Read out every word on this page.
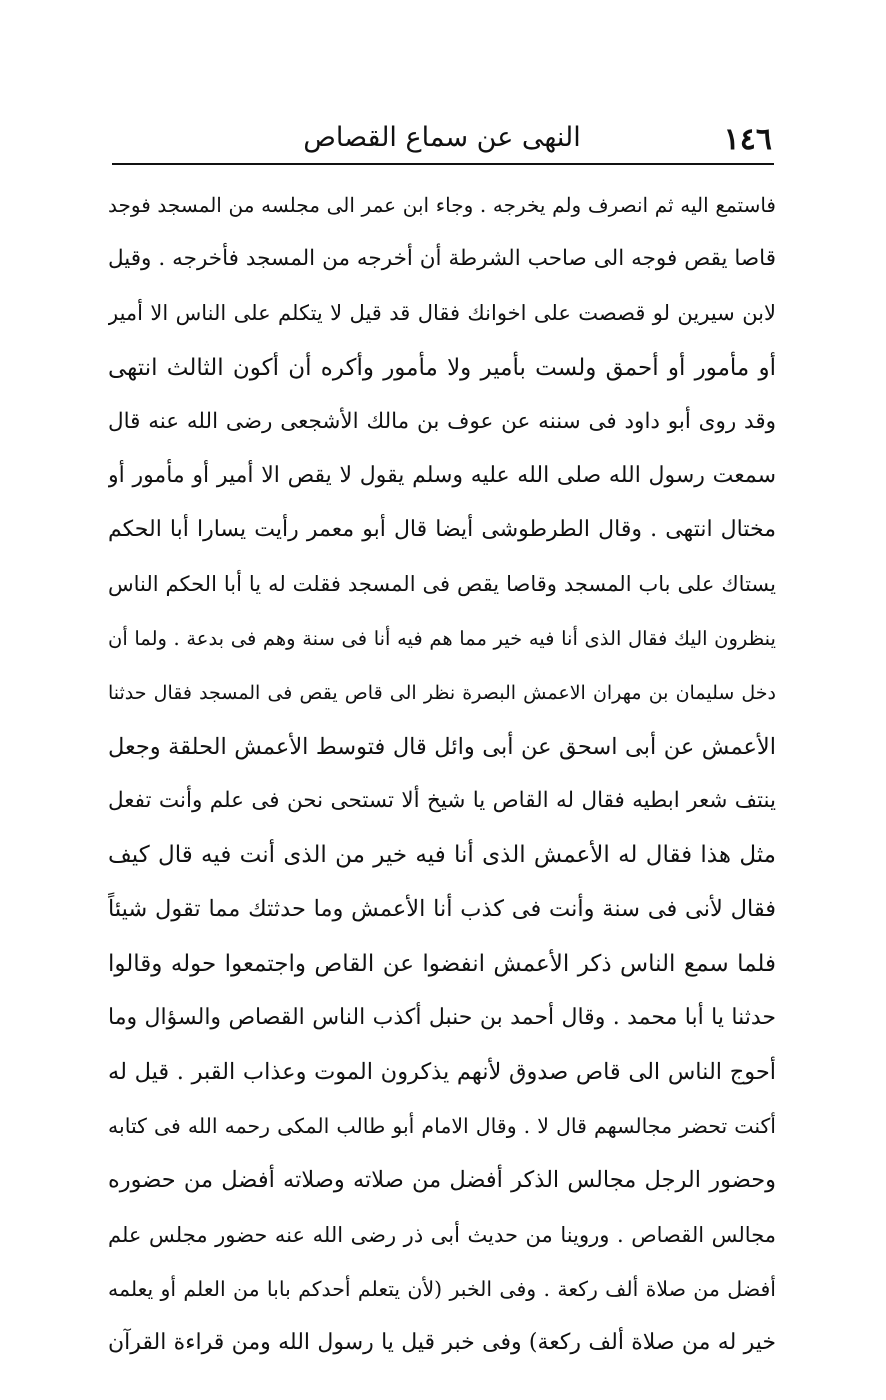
١٤٦
النهى عن سماع القصاص
فاستمع اليه ثم انصرف ولم يخرجه . وجاء ابن عمر الى مجلسه من المسجد فوجد
قاصا يقص فوجه الى صاحب الشرطة أن أخرجه من المسجد فأخرجه . وقيل
لابن سيرين لو قصصت على اخوانك فقال قد قيل لا يتكلم على الناس الا أمير
أو مأمور أو أحمق ولست بأمير ولا مأمور وأكره أن أكون الثالث انتهى
وقد روى أبو داود فى سننه عن عوف بن مالك الأشجعى رضى الله عنه قال
سمعت رسول الله صلى الله عليه وسلم يقول لا يقص الا أمير أو مأمور أو
مختال انتهى . وقال الطرطوشى أيضا قال أبو معمر رأيت يسارا أبا الحكم
يستاك على باب المسجد وقاصا يقص فى المسجد فقلت له يا أبا الحكم الناس
ينظرون اليك فقال الذى أنا فيه خير مما هم فيه أنا فى سنة وهم فى بدعة . ولما أن
دخل سليمان بن مهران الاعمش البصرة نظر الى قاص يقص فى المسجد فقال حدثنا
الأعمش عن أبى اسحق عن أبى وائل قال فتوسط الأعمش الحلقة وجعل
ينتف شعر ابطيه فقال له القاص يا شيخ ألا تستحى نحن فى علم وأنت تفعل
مثل هذا فقال له الأعمش الذى أنا فيه خير من الذى أنت فيه قال كيف
فقال لأنى فى سنة وأنت فى كذب أنا الأعمش وما حدثتك مما تقول شيئاً
فلما سمع الناس ذكر الأعمش انفضوا عن القاص واجتمعوا حوله وقالوا
حدثنا يا أبا محمد . وقال أحمد بن حنبل أكذب الناس القصاص والسؤال وما
أحوج الناس الى قاص صدوق لأنهم يذكرون الموت وعذاب القبر . قيل له
أكنت تحضر مجالسهم قال لا . وقال الامام أبو طالب المكى رحمه الله فى كتابه
وحضور الرجل مجالس الذكر أفضل من صلاته وصلاته أفضل من حضوره
مجالس القصاص . وروينا من حديث أبى ذر رضى الله عنه حضور مجلس علم
أفضل من صلاة ألف ركعة . وفى الخبر (لأن يتعلم أحدكم بابا من العلم أو يعلمه
خير له من صلاة ألف ركعة) وفى خبر قيل يا رسول الله ومن قراءة القرآن
